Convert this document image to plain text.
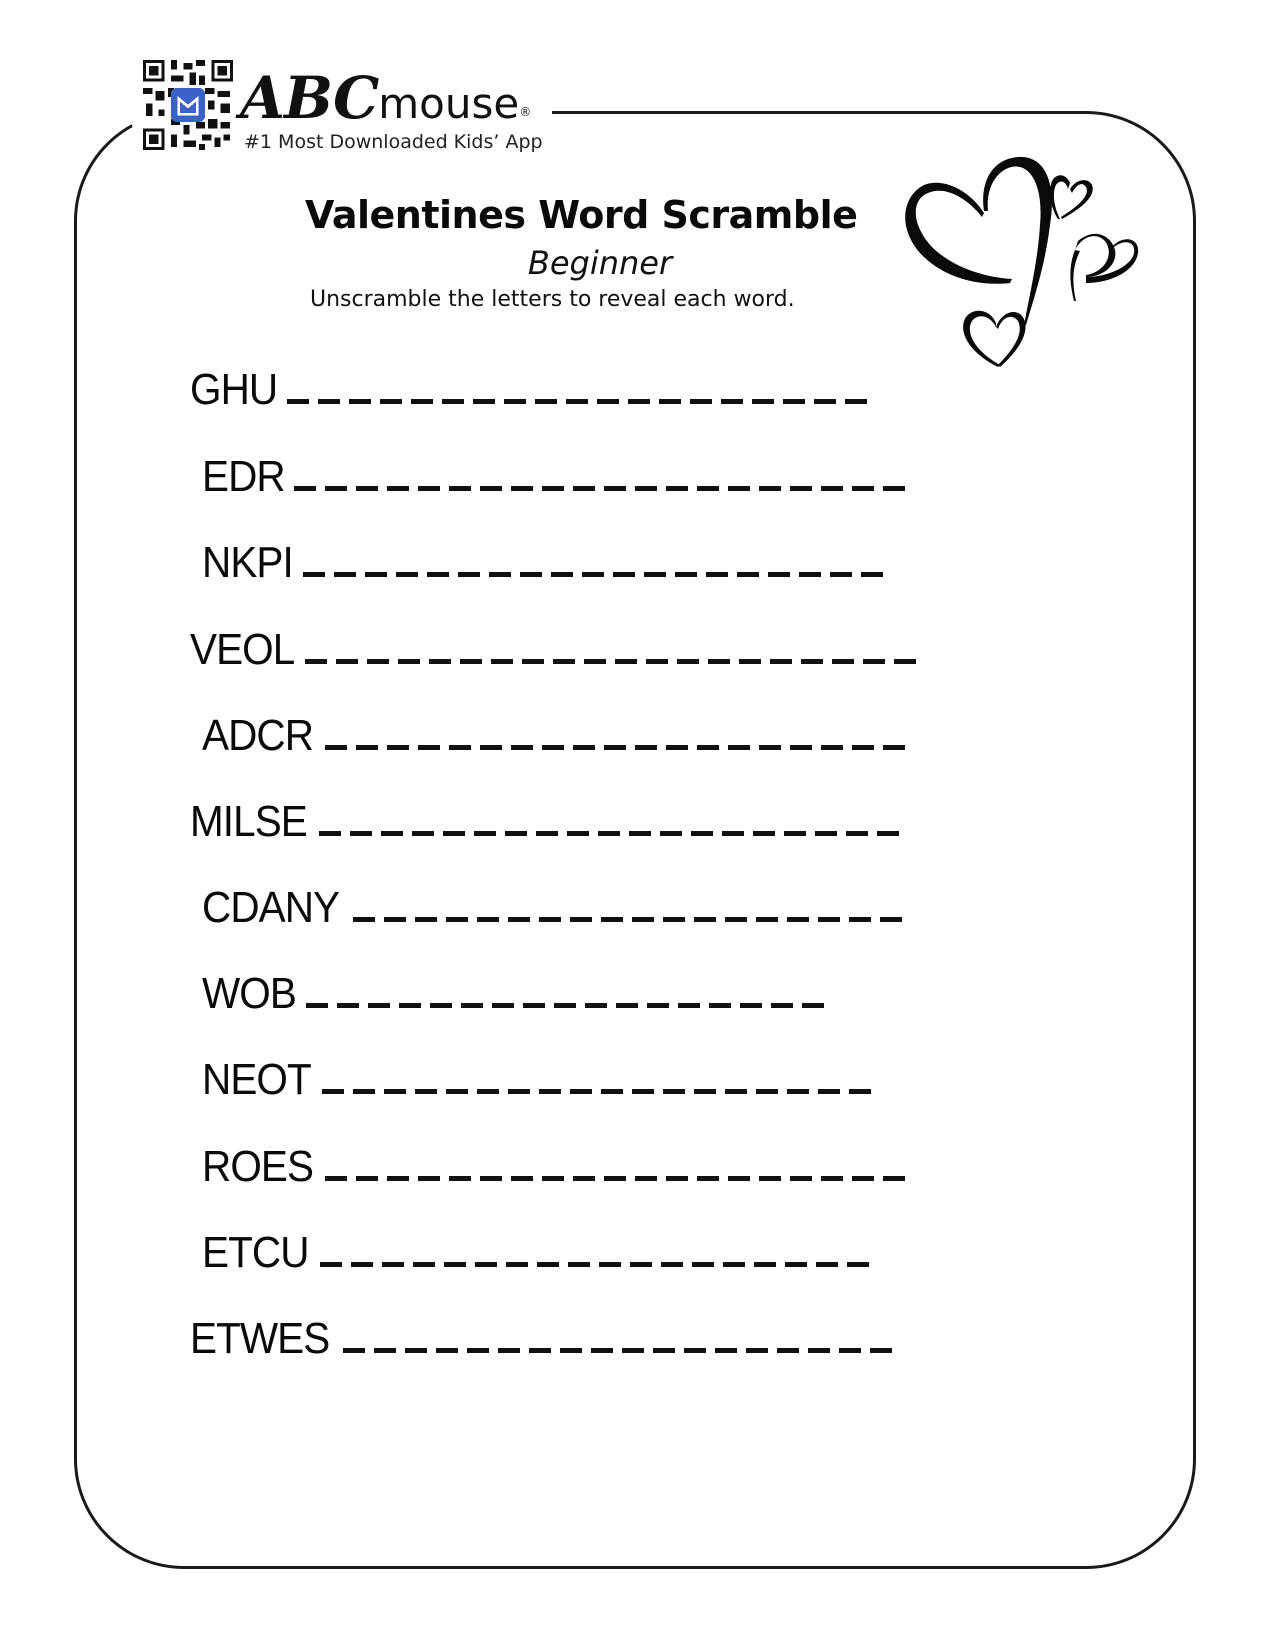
ABCmouse®
#1 Most Downloaded Kids’ App
Valentines Word Scramble
Beginner
Unscramble the letters to reveal each word.
GHU
EDR
NKPI
VEOL
ADCR
MILSE
CDANY
WOB
NEOT
ROES
ETCU
ETWES
